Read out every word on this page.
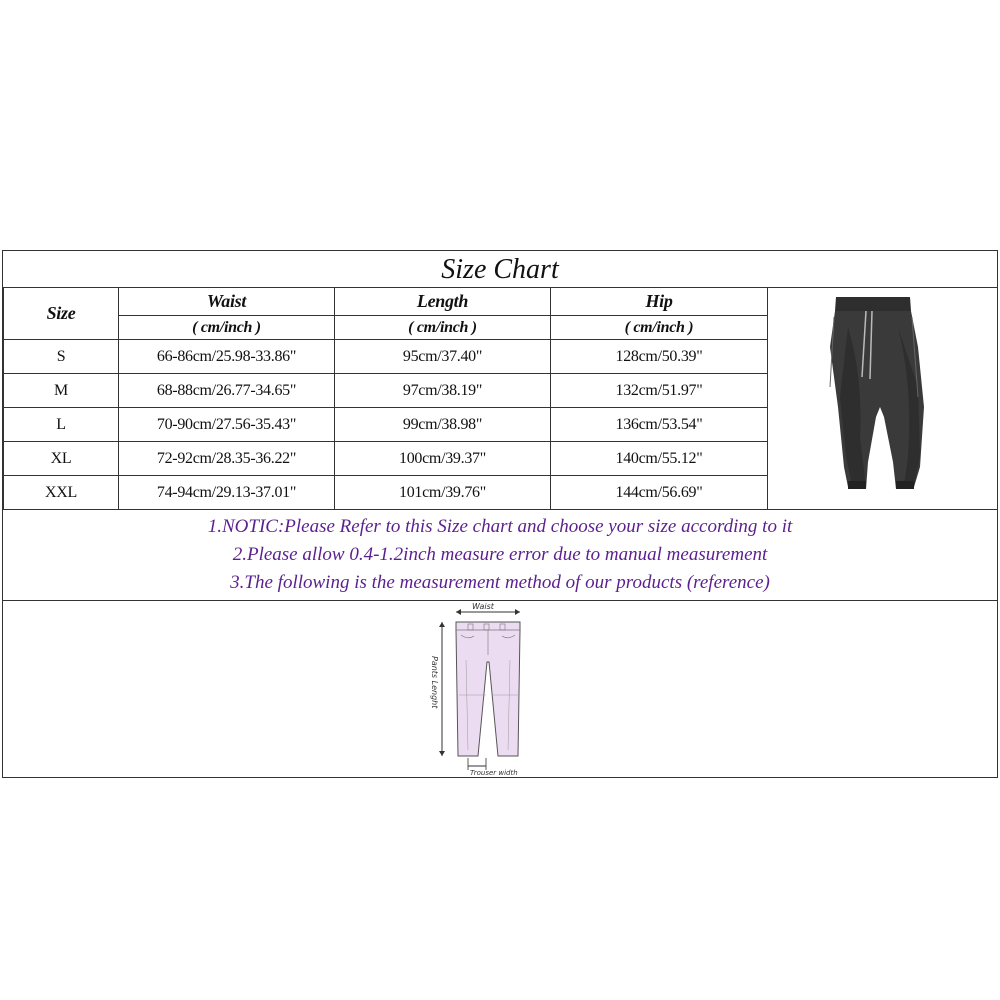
Size Chart
Size	Waist	Length	Hip
	( cm/inch )	( cm/inch )	( cm/inch )
S	66-86cm/25.98-33.86"	95cm/37.40"	128cm/50.39"
M	68-88cm/26.77-34.65"	97cm/38.19"	132cm/51.97"
L	70-90cm/27.56-35.43"	99cm/38.98"	136cm/53.54"
XL	72-92cm/28.35-36.22"	100cm/39.37"	140cm/55.12"
XXL	74-94cm/29.13-37.01"	101cm/39.76"	144cm/56.69"
1.NOTIC:Please Refer to this Size chart and choose your size according to it
2.Please allow 0.4-1.2inch measure error due to manual measurement
3.The following is the measurement method of our products (reference)
Waist
Pants Lenght
Trouser width
